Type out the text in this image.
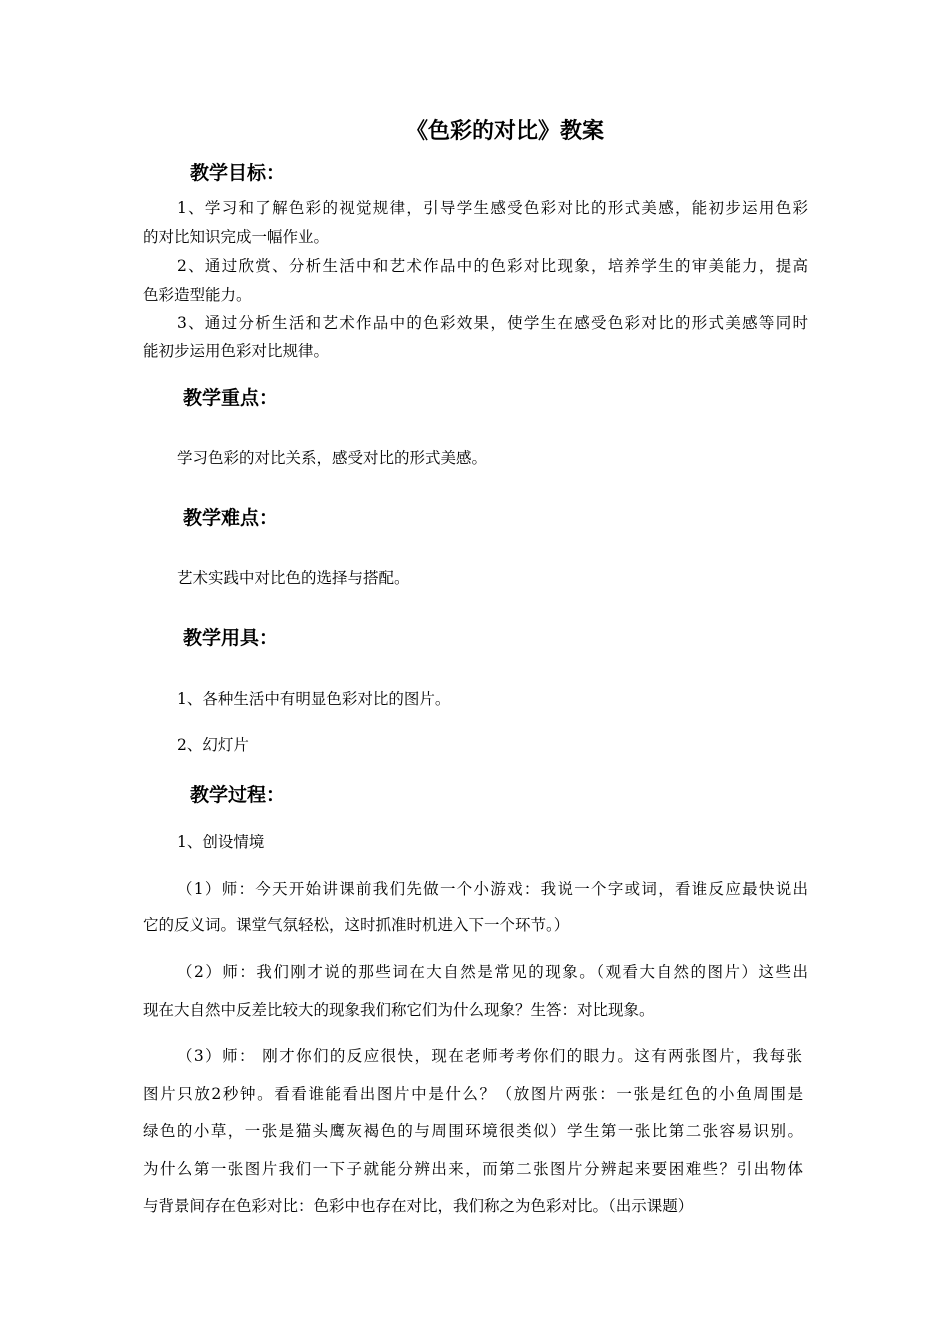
《色彩的对比》教案
教学目标：
1、学习和了解色彩的视觉规律，引导学生感受色彩对比的形式美感，能初步运用色彩
的对比知识完成一幅作业。
2、通过欣赏、分析生活中和艺术作品中的色彩对比现象，培养学生的审美能力，提高
色彩造型能力。
3、通过分析生活和艺术作品中的色彩效果，使学生在感受色彩对比的形式美感等同时
能初步运用色彩对比规律。
教学重点：
学习色彩的对比关系，感受对比的形式美感。
教学难点：
艺术实践中对比色的选择与搭配。
教学用具：
1、各种生活中有明显色彩对比的图片。
2、幻灯片
教学过程：
1、创设情境
（1）师：今天开始讲课前我们先做一个小游戏：我说一个字或词，看谁反应最快说出
它的反义词。课堂气氛轻松，这时抓准时机进入下一个环节。）
（2）师：我们刚才说的那些词在大自然是常见的现象。（观看大自然的图片）这些出
现在大自然中反差比较大的现象我们称它们为什么现象？生答：对比现象。
（3）师： 刚才你们的反应很快，现在老师考考你们的眼力。这有两张图片，我每张
图片只放2秒钟。看看谁能看出图片中是什么？（放图片两张：一张是红色的小鱼周围是
绿色的小草，一张是猫头鹰灰褐色的与周围环境很类似）学生第一张比第二张容易识别。
为什么第一张图片我们一下子就能分辨出来，而第二张图片分辨起来要困难些？引出物体
与背景间存在色彩对比：色彩中也存在对比，我们称之为色彩对比。（出示课题）
